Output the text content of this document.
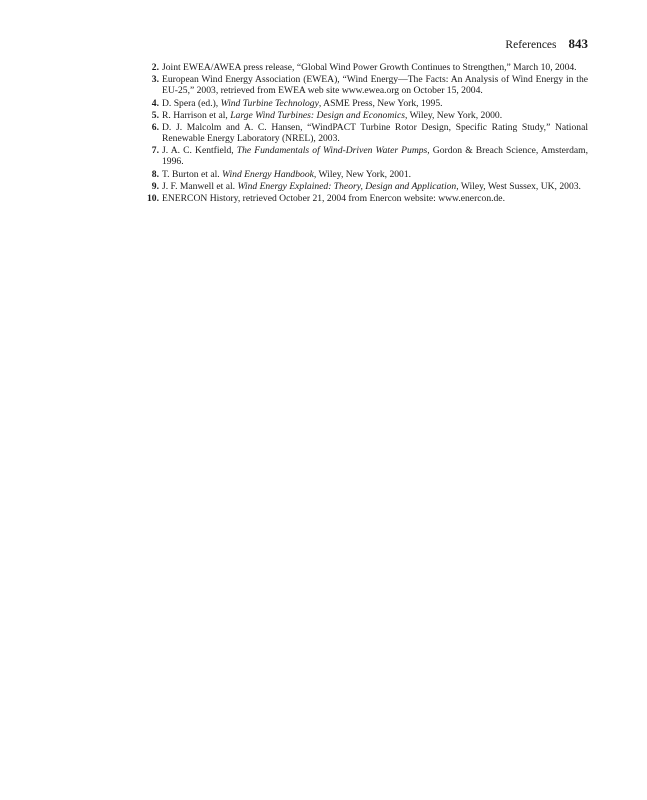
References 843
2. Joint EWEA/AWEA press release, “Global Wind Power Growth Continues to Strengthen,” March 10, 2004.
3. European Wind Energy Association (EWEA), “Wind Energy—The Facts: An Analysis of Wind Energy in the EU-25,” 2003, retrieved from EWEA web site www.ewea.org on October 15, 2004.
4. D. Spera (ed.), Wind Turbine Technology, ASME Press, New York, 1995.
5. R. Harrison et al, Large Wind Turbines: Design and Economics, Wiley, New York, 2000.
6. D. J. Malcolm and A. C. Hansen, “WindPACT Turbine Rotor Design, Specific Rating Study,” National Renewable Energy Laboratory (NREL), 2003.
7. J. A. C. Kentfield, The Fundamentals of Wind-Driven Water Pumps, Gordon & Breach Science, Amsterdam, 1996.
8. T. Burton et al. Wind Energy Handbook, Wiley, New York, 2001.
9. J. F. Manwell et al. Wind Energy Explained: Theory, Design and Application, Wiley, West Sussex, UK, 2003.
10. ENERCON History, retrieved October 21, 2004 from Enercon website: www.enercon.de.
